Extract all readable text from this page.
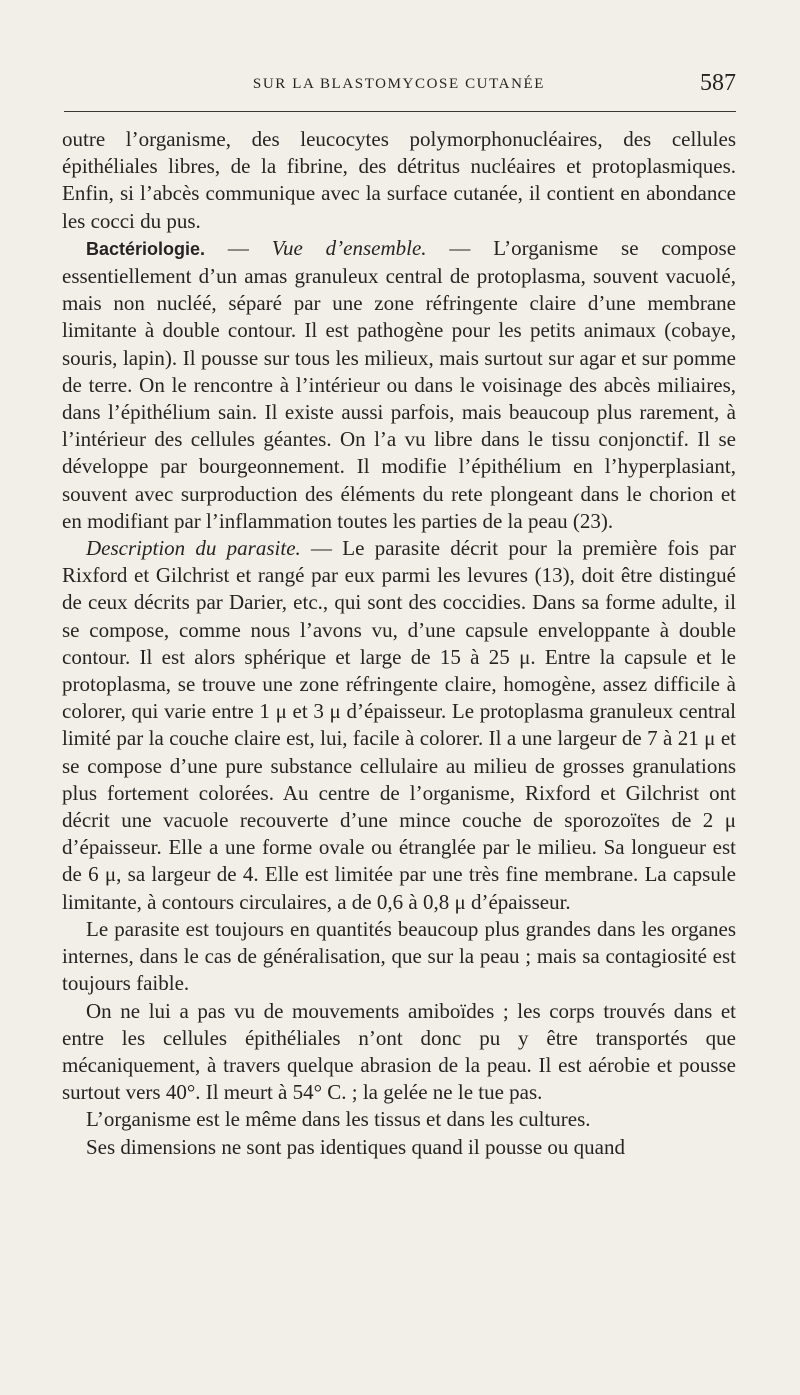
SUR LA BLASTOMYCOSE CUTANÉE	587

outre l’organisme, des leucocytes polymorphonucléaires, des cellules épithéliales libres, de la fibrine, des détritus nucléaires et protoplasmiques. Enfin, si l’abcès communique avec la surface cutanée, il contient en abondance les cocci du pus.

Bactériologie. — Vue d’ensemble. — L’organisme se compose essentiellement d’un amas granuleux central de protoplasma, souvent vacuolé, mais non nucléé, séparé par une zone réfringente claire d’une membrane limitante à double contour. Il est pathogène pour les petits animaux (cobaye, souris, lapin). Il pousse sur tous les milieux, mais surtout sur agar et sur pomme de terre. On le rencontre à l’intérieur ou dans le voisinage des abcès miliaires, dans l’épithélium sain. Il existe aussi parfois, mais beaucoup plus rarement, à l’intérieur des cellules géantes. On l’a vu libre dans le tissu conjonctif. Il se développe par bourgeonnement. Il modifie l’épithélium en l’hyperplasiant, souvent avec surproduction des éléments du rete plongeant dans le chorion et en modifiant par l’inflammation toutes les parties de la peau (23).

Description du parasite. — Le parasite décrit pour la première fois par Rixford et Gilchrist et rangé par eux parmi les levures (13), doit être distingué de ceux décrits par Darier, etc., qui sont des coccidies. Dans sa forme adulte, il se compose, comme nous l’avons vu, d’une capsule enveloppante à double contour. Il est alors sphérique et large de 15 à 25 μ. Entre la capsule et le protoplasma, se trouve une zone réfringente claire, homogène, assez difficile à colorer, qui varie entre 1 μ et 3 μ d’épaisseur. Le protoplasma granuleux central limité par la couche claire est, lui, facile à colorer. Il a une largeur de 7 à 21 μ et se compose d’une pure substance cellulaire au milieu de grosses granulations plus fortement colorées. Au centre de l’organisme, Rixford et Gilchrist ont décrit une vacuole recouverte d’une mince couche de sporozoïtes de 2 μ d’épaisseur. Elle a une forme ovale ou étranglée par le milieu. Sa longueur est de 6 μ, sa largeur de 4. Elle est limitée par une très fine membrane. La capsule limitante, à contours circulaires, a de 0,6 à 0,8 μ d’épaisseur.

Le parasite est toujours en quantités beaucoup plus grandes dans les organes internes, dans le cas de généralisation, que sur la peau ; mais sa contagiosité est toujours faible.

On ne lui a pas vu de mouvements amiboïdes ; les corps trouvés dans et entre les cellules épithéliales n’ont donc pu y être transportés que mécaniquement, à travers quelque abrasion de la peau. Il est aérobie et pousse surtout vers 40°. Il meurt à 54° C. ; la gelée ne le tue pas.

L’organisme est le même dans les tissus et dans les cultures.

Ses dimensions ne sont pas identiques quand il pousse ou quand
